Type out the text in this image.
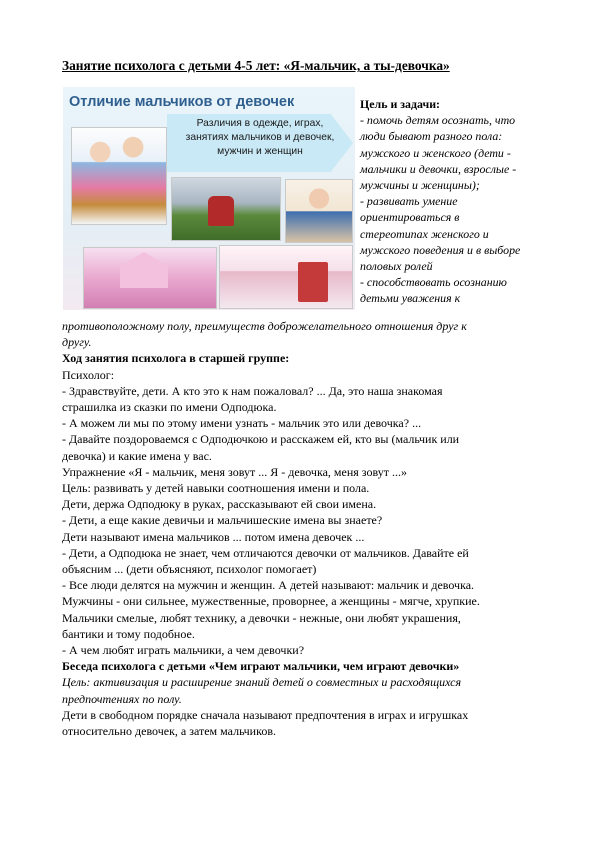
Занятие психолога с детьми 4-5 лет: «Я-мальчик, а ты-девочка»
Отличие мальчиков от девочек
Различия в одежде, играх, занятиях мальчиков и девочек, мужчин и женщин
Цель и задачи:
- помочь детям осознать, что
люди бывают разного пола:
мужского и женского (дети -
мальчики и девочки, взрослые -
мужчины и женщины);
- развивать умение
ориентироваться в
стереотипах женского и
мужского поведения и в выборе
половых ролей
- способствовать осознанию
детьми уважения к

противоположному полу, преимуществ доброжелательного отношения друг к

другу.

Ход занятия психолога в старшей группе:

Психолог:

- Здравствуйте, дети. А кто это к нам пожаловал? ... Да, это наша знакомая

страшилка из сказки по имени Одподюка.

- А можем ли мы по этому имени узнать - мальчик это или девочка? ...

- Давайте поздороваемся с Одподючкою и расскажем ей, кто вы (мальчик или

девочка) и какие имена у вас.

Упражнение «Я - мальчик, меня зовут ... Я - девочка, меня зовут ...»

Цель: развивать у детей навыки соотношения имени и пола.

Дети, держа Одподюку в руках, рассказывают ей свои имена.

- Дети, а еще какие девичьи и мальчишеские имена вы знаете?

Дети называют имена мальчиков ... потом имена девочек ...

- Дети, а Одподюка не знает, чем отличаются девочки от мальчиков. Давайте ей

объясним ... (дети объясняют, психолог помогает)

- Все люди делятся на мужчин и женщин. А детей называют: мальчик и девочка.

Мужчины - они сильнее, мужественные, проворнее, а женщины - мягче, хрупкие.

Мальчики смелые, любят технику, а девочки - нежные, они любят украшения,

бантики и тому подобное.

- А чем любят играть мальчики, а чем девочки?

Беседа психолога с детьми «Чем играют мальчики, чем играют девочки»

Цель: активизация и расширение знаний детей о совместных и расходящихся

предпочтениях по полу.

Дети в свободном порядке сначала называют предпочтения в играх и игрушках

относительно девочек, а затем мальчиков.
